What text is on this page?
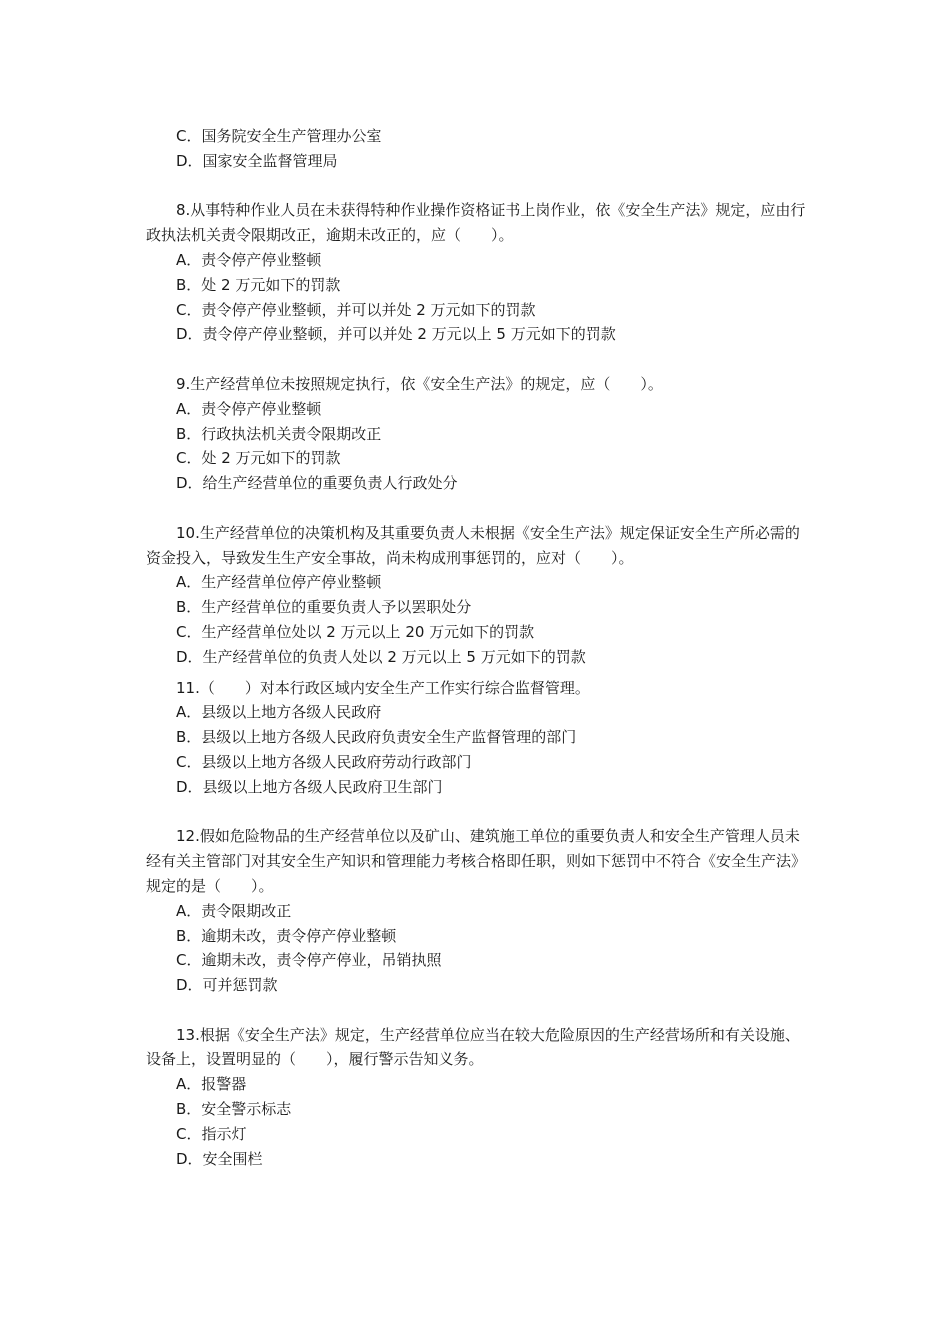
C．国务院安全生产管理办公室
D．国家安全监督管理局
8.从事特种作业人员在未获得特种作业操作资格证书上岗作业，依《安全生产法》规定，应由行政执法机关责令限期改正，逾期未改正的，应（　　）。
A．责令停产停业整顿
B．处 2 万元如下的罚款
C．责令停产停业整顿，并可以并处 2 万元如下的罚款
D．责令停产停业整顿，并可以并处 2 万元以上 5 万元如下的罚款
9.生产经营单位未按照规定执行，依《安全生产法》的规定，应（　　）。
A．责令停产停业整顿
B．行政执法机关责令限期改正
C．处 2 万元如下的罚款
D．给生产经营单位的重要负责人行政处分
10.生产经营单位的决策机构及其重要负责人未根据《安全生产法》规定保证安全生产所必需的资金投入，导致发生生产安全事故，尚未构成刑事惩罚的，应对（　　）。
A．生产经营单位停产停业整顿
B．生产经营单位的重要负责人予以罢职处分
C．生产经营单位处以 2 万元以上 20 万元如下的罚款
D．生产经营单位的负责人处以 2 万元以上 5 万元如下的罚款
11.（　　）对本行政区域内安全生产工作实行综合监督管理。
A．县级以上地方各级人民政府
B．县级以上地方各级人民政府负责安全生产监督管理的部门
C．县级以上地方各级人民政府劳动行政部门
D．县级以上地方各级人民政府卫生部门
12.假如危险物品的生产经营单位以及矿山、建筑施工单位的重要负责人和安全生产管理人员未经有关主管部门对其安全生产知识和管理能力考核合格即任职，则如下惩罚中不符合《安全生产法》规定的是（　　）。
A．责令限期改正
B．逾期未改，责令停产停业整顿
C．逾期未改，责令停产停业，吊销执照
D．可并惩罚款
13.根据《安全生产法》规定，生产经营单位应当在较大危险原因的生产经营场所和有关设施、设备上，设置明显的（　　），履行警示告知义务。
A．报警器
B．安全警示标志
C．指示灯
D．安全围栏
